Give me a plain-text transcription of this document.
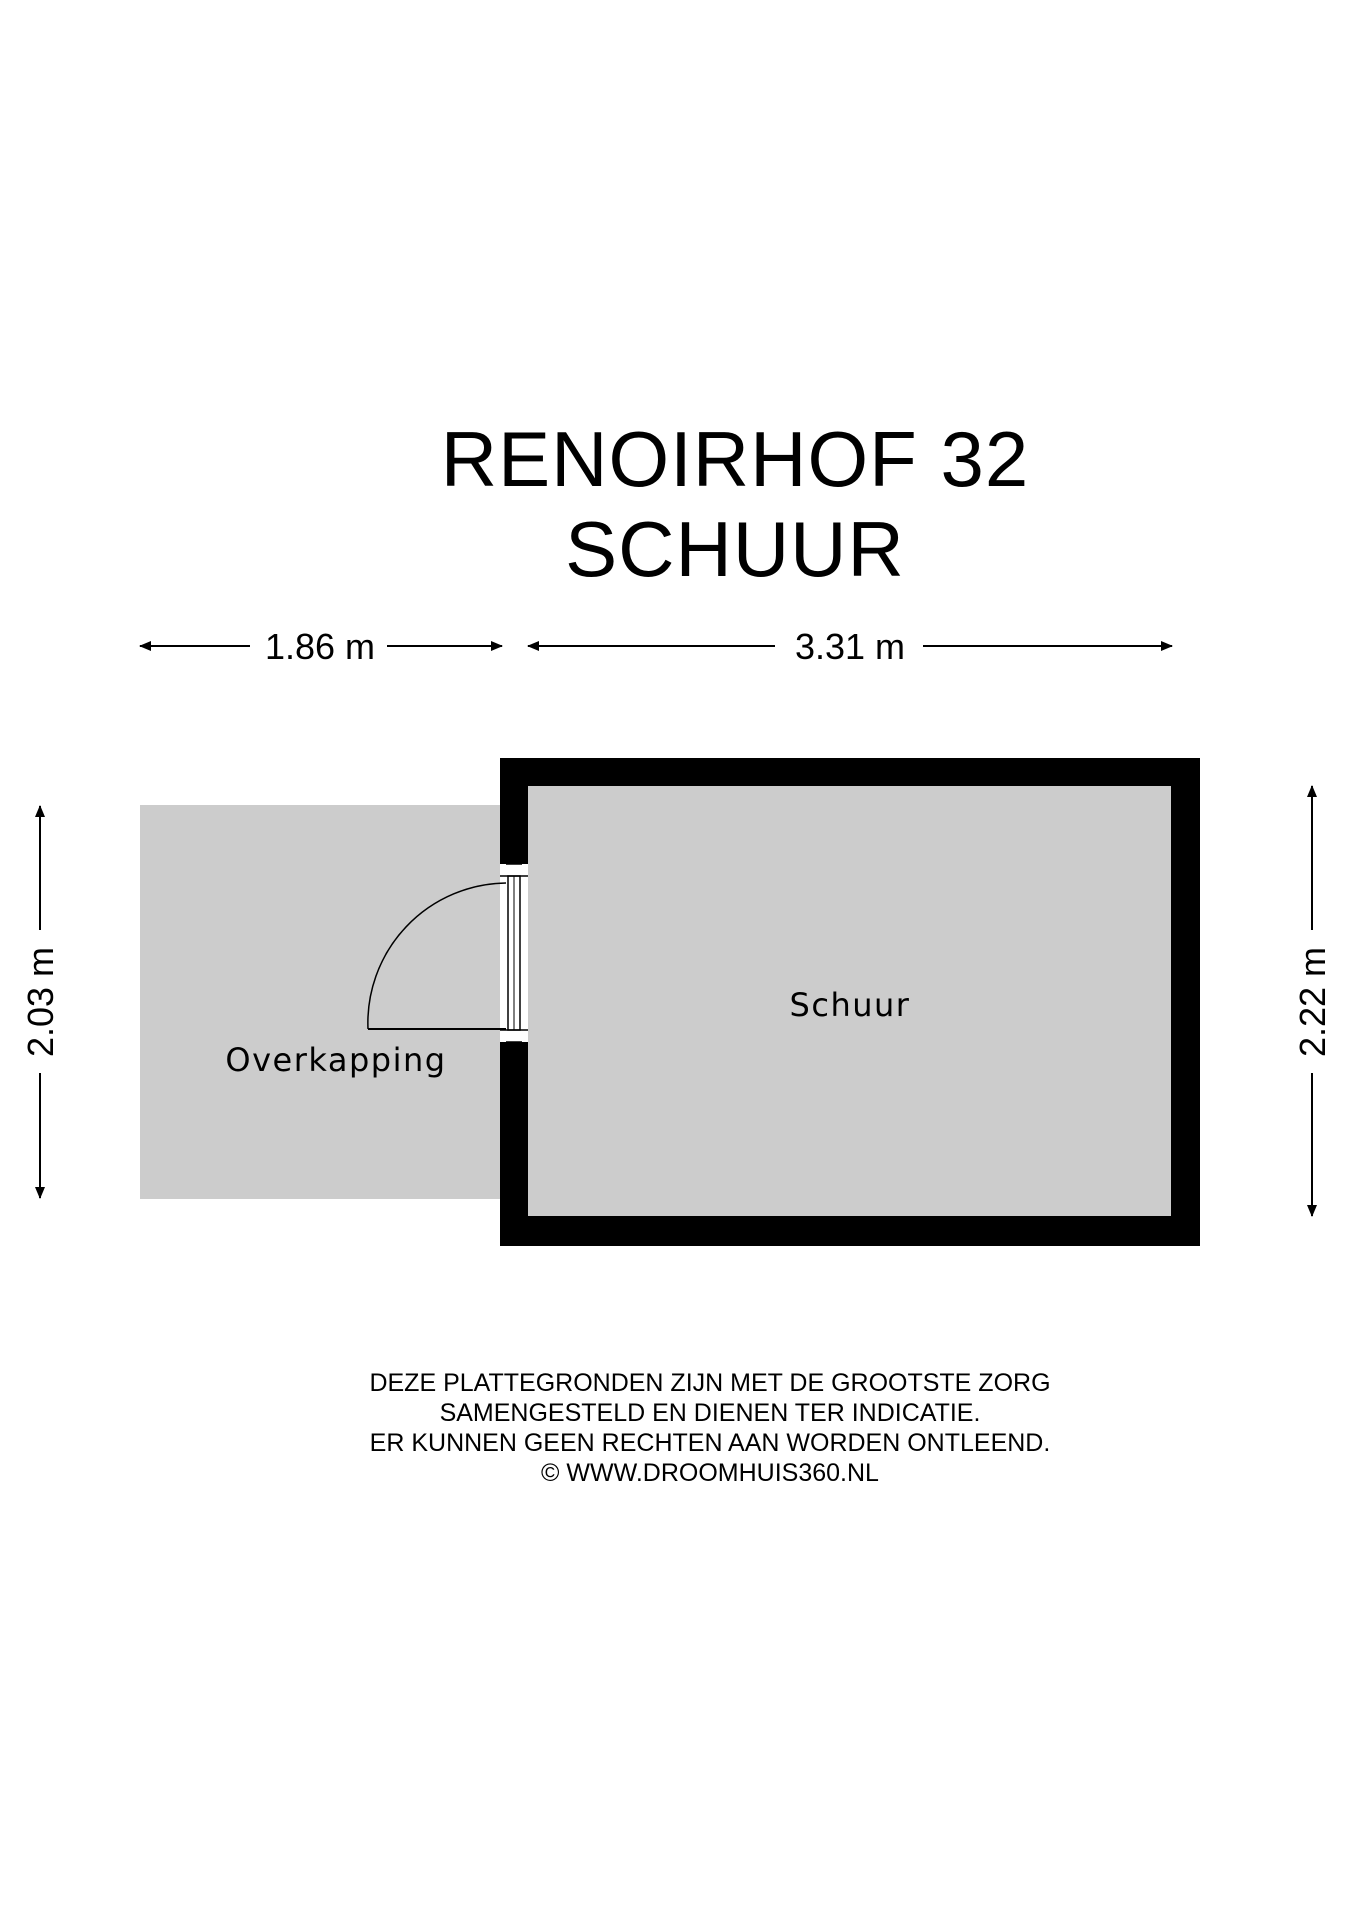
RENOIRHOF 32
SCHUUR
1.86 m	3.31 m
2.03 m	2.22 m
Overkapping
Schuur
DEZE PLATTEGRONDEN ZIJN MET DE GROOTSTE ZORG
SAMENGESTELD EN DIENEN TER INDICATIE.
ER KUNNEN GEEN RECHTEN AAN WORDEN ONTLEEND.
© WWW.DROOMHUIS360.NL
